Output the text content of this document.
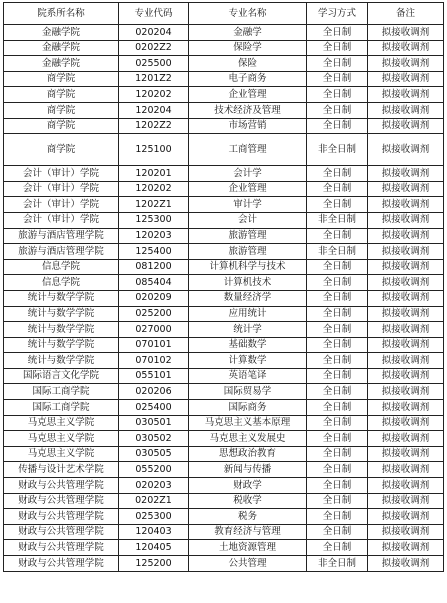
院系所名称	专业代码	专业名称	学习方式	备注
金融学院	020204	金融学	全日制	拟接收调剂
金融学院	0202Z2	保险学	全日制	拟接收调剂
金融学院	025500	保险	全日制	拟接收调剂
商学院	1201Z2	电子商务	全日制	拟接收调剂
商学院	120202	企业管理	全日制	拟接收调剂
商学院	120204	技术经济及管理	全日制	拟接收调剂
商学院	1202Z2	市场营销	全日制	拟接收调剂
商学院	125100	工商管理	非全日制	拟接收调剂
会计（审计）学院	120201	会计学	全日制	拟接收调剂
会计（审计）学院	120202	企业管理	全日制	拟接收调剂
会计（审计）学院	1202Z1	审计学	全日制	拟接收调剂
会计（审计）学院	125300	会计	非全日制	拟接收调剂
旅游与酒店管理学院	120203	旅游管理	全日制	拟接收调剂
旅游与酒店管理学院	125400	旅游管理	非全日制	拟接收调剂
信息学院	081200	计算机科学与技术	全日制	拟接收调剂
信息学院	085404	计算机技术	全日制	拟接收调剂
统计与数学学院	020209	数量经济学	全日制	拟接收调剂
统计与数学学院	025200	应用统计	全日制	拟接收调剂
统计与数学学院	027000	统计学	全日制	拟接收调剂
统计与数学学院	070101	基础数学	全日制	拟接收调剂
统计与数学学院	070102	计算数学	全日制	拟接收调剂
国际语言文化学院	055101	英语笔译	全日制	拟接收调剂
国际工商学院	020206	国际贸易学	全日制	拟接收调剂
国际工商学院	025400	国际商务	全日制	拟接收调剂
马克思主义学院	030501	马克思主义基本原理	全日制	拟接收调剂
马克思主义学院	030502	马克思主义发展史	全日制	拟接收调剂
马克思主义学院	030505	思想政治教育	全日制	拟接收调剂
传播与设计艺术学院	055200	新闻与传播	全日制	拟接收调剂
财政与公共管理学院	020203	财政学	全日制	拟接收调剂
财政与公共管理学院	0202Z1	税收学	全日制	拟接收调剂
财政与公共管理学院	025300	税务	全日制	拟接收调剂
财政与公共管理学院	120403	教育经济与管理	全日制	拟接收调剂
财政与公共管理学院	120405	土地资源管理	全日制	拟接收调剂
财政与公共管理学院	125200	公共管理	非全日制	拟接收调剂
